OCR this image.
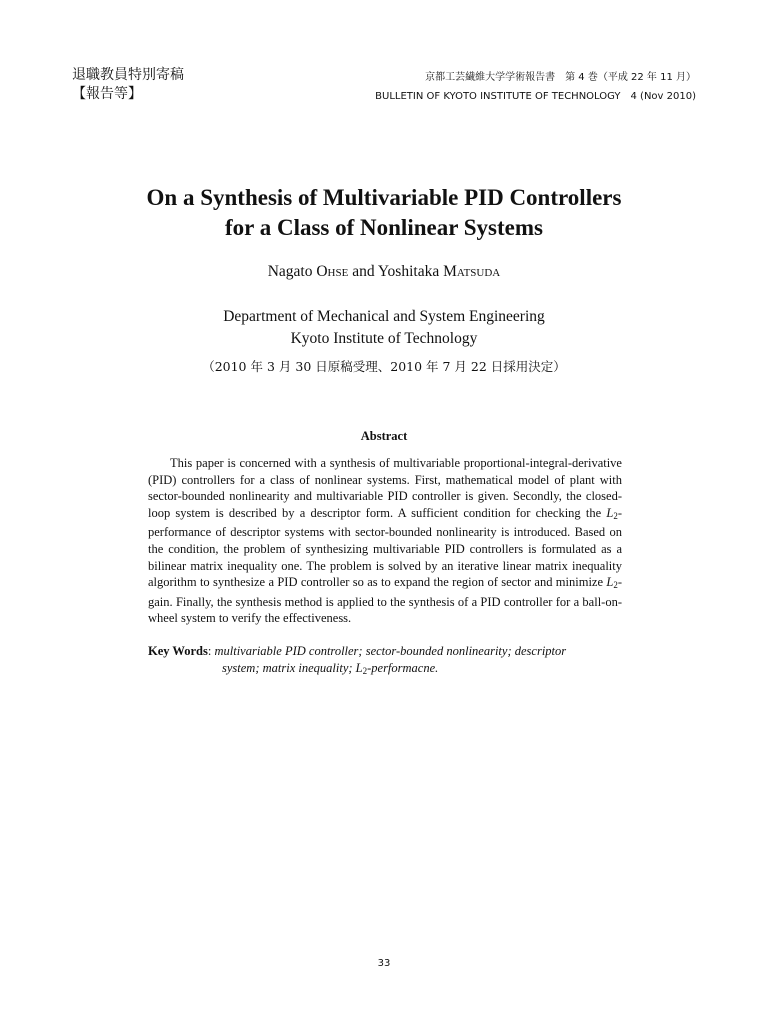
退職教員特別寄稿
【報告等】
京都工芸繊維大学学術報告書　第 4 巻（平成 22 年 11 月）
BULLETIN OF KYOTO INSTITUTE OF TECHNOLOGY　4 (Nov 2010)
On a Synthesis of Multivariable PID Controllers
for a Class of Nonlinear Systems
Nagato Ohse and Yoshitaka Matsuda
Department of Mechanical and System Engineering
Kyoto Institute of Technology
（2010 年 3 月 30 日原稿受理、2010 年 7 月 22 日採用決定）
Abstract

This paper is concerned with a synthesis of multivariable proportional-integral-derivative (PID) controllers for a class of nonlinear systems. First, mathematical model of plant with sector-bounded nonlinearity and multivariable PID controller is given. Secondly, the closed-loop system is described by a descriptor form. A sufficient condition for checking the $L_2$-performance of descriptor systems with sector-bounded nonlinearity is introduced. Based on the condition, the problem of synthesizing multivariable PID controllers is formulated as a bilinear matrix inequality one. The problem is solved by an iterative linear matrix inequality algorithm to synthesize a PID controller so as to expand the region of sector and minimize $L_2$-gain. Finally, the synthesis method is applied to the synthesis of a PID controller for a ball-on-wheel system to verify the effectiveness.

Key Words: multivariable PID controller; sector-bounded nonlinearity; descriptor
system; matrix inequality; $L_2$-performacne.
33
